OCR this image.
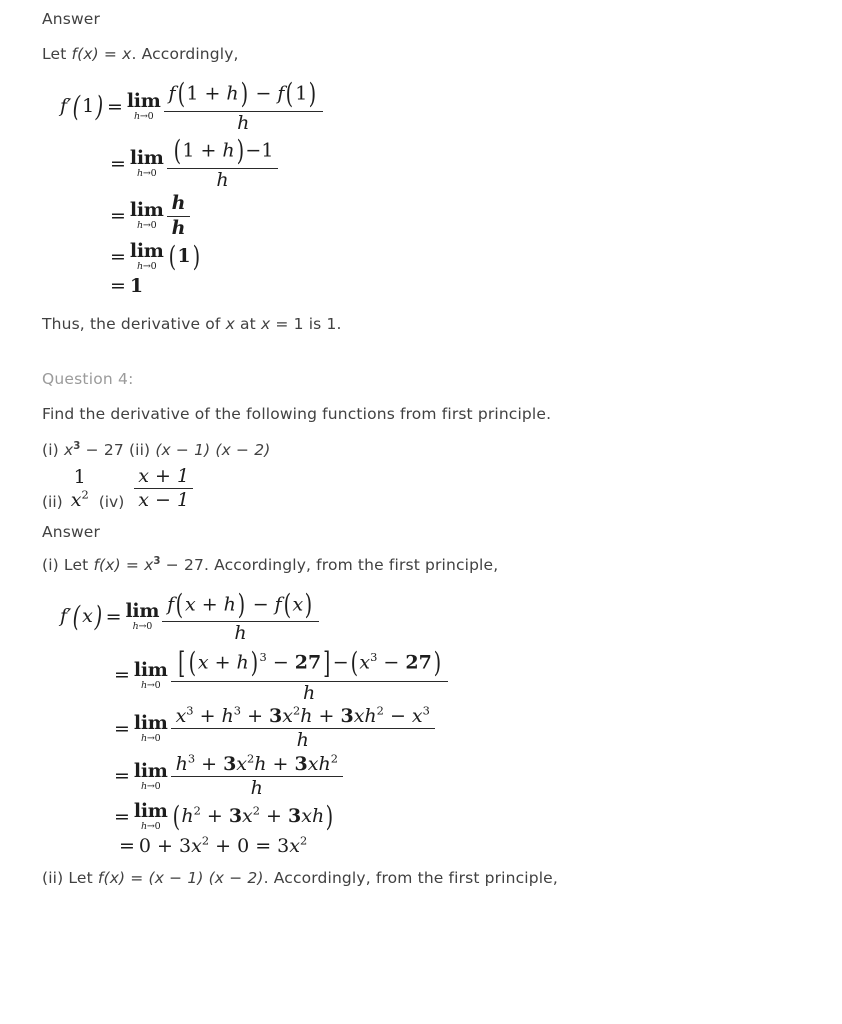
Answer
Let f(x) = x. Accordingly,
f′(1) = lim
$h\to 0 \frac{f(1 + h) - f(1)}{h}$
= lim
$h\to 0 \frac{(1 + h)-1}{h}$
= lim
$h\to 0 \frac{h}{h}$
= lim
h→0 (1)
= 1
Thus, the derivative of x at x = 1 is 1.
Question 4:
Find the derivative of the following functions from first principle.
(i) $x^3 - 27$ (ii) (x − 1) (x − 2)
(ii)
1
$x^2$ $(iv) \frac{x + 1}{x - 1}$
Answer
(i) Let $f(x) = x^3 - 27$. Accordingly, from the first principle,
f′(x) = lim
$h\to 0 \frac{f(x + h) - f(x)}{h}$
= lim
$h\to 0 \frac{[ (x + h) ^3 - 27] -(x^3 - 27)}{h}$
= lim
$h\to 0 \frac{x^3 + h^3 + 3x^2h + 3xh^2 - x^3}{h}$
= lim
$h\to 0 \frac{h^3 + 3x^2h + 3xh^2}{h}$
= lim
h→0 $(h^2 + 3x^2 + 3xh)$
= $0 + 3x^2 + 0 = 3x^2$
(ii) Let f(x) = (x − 1) (x − 2). Accordingly, from the first principle,
